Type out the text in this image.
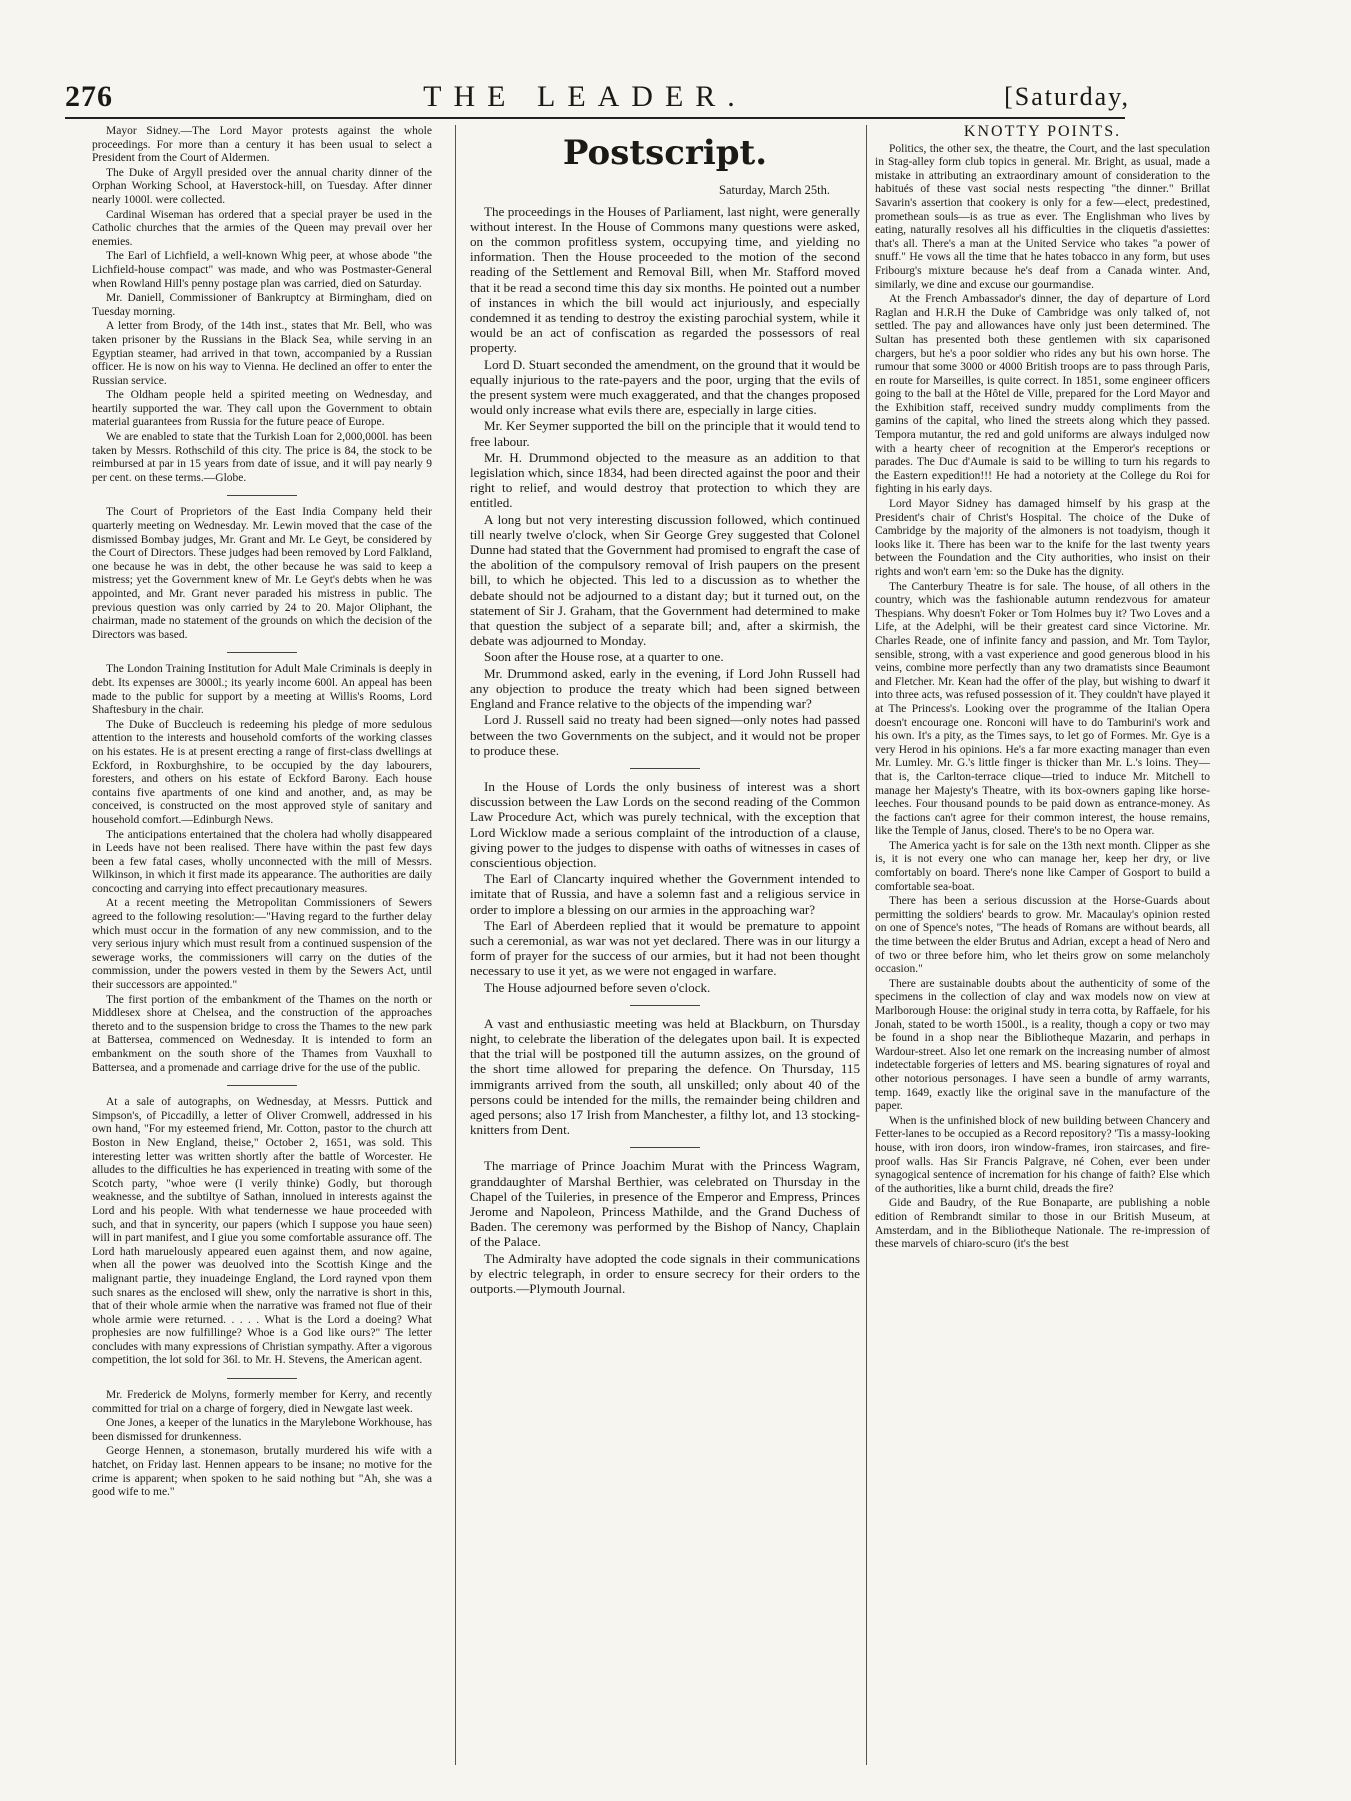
276	THE LEADER.	[Saturday,

Mayor Sidney.—The Lord Mayor protests against the whole proceedings. For more than a century it has been usual to select a President from the Court of Aldermen.

The Duke of Argyll presided over the annual charity dinner of the Orphan Working School, at Haverstock-hill, on Tuesday. After dinner nearly 1000l. were collected.

Cardinal Wiseman has ordered that a special prayer be used in the Catholic churches that the armies of the Queen may prevail over her enemies.

The Earl of Lichfield, a well-known Whig peer, at whose abode "the Lichfield-house compact" was made, and who was Postmaster-General when Rowland Hill's penny postage plan was carried, died on Saturday.

Mr. Daniell, Commissioner of Bankruptcy at Birmingham, died on Tuesday morning.

A letter from Brody, of the 14th inst., states that Mr. Bell, who was taken prisoner by the Russians in the Black Sea, while serving in an Egyptian steamer, had arrived in that town, accompanied by a Russian officer. He is now on his way to Vienna. He declined an offer to enter the Russian service.

The Oldham people held a spirited meeting on Wednesday, and heartily supported the war. They call upon the Government to obtain material guarantees from Russia for the future peace of Europe.

We are enabled to state that the Turkish Loan for 2,000,000l. has been taken by Messrs. Rothschild of this city. The price is 84, the stock to be reimbursed at par in 15 years from date of issue, and it will pay nearly 9 per cent. on these terms.—Globe.

The Court of Proprietors of the East India Company held their quarterly meeting on Wednesday. Mr. Lewin moved that the case of the dismissed Bombay judges, Mr. Grant and Mr. Le Geyt, be considered by the Court of Directors. These judges had been removed by Lord Falkland, one because he was in debt, the other because he was said to keep a mistress; yet the Government knew of Mr. Le Geyt's debts when he was appointed, and Mr. Grant never paraded his mistress in public. The previous question was only carried by 24 to 20. Major Oliphant, the chairman, made no statement of the grounds on which the decision of the Directors was based.

The London Training Institution for Adult Male Criminals is deeply in debt. Its expenses are 3000l.; its yearly income 600l. An appeal has been made to the public for support by a meeting at Willis's Rooms, Lord Shaftesbury in the chair.

The Duke of Buccleuch is redeeming his pledge of more sedulous attention to the interests and household comforts of the working classes on his estates. He is at present erecting a range of first-class dwellings at Eckford, in Roxburghshire, to be occupied by the day labourers, foresters, and others on his estate of Eckford Barony. Each house contains five apartments of one kind and another, and, as may be conceived, is constructed on the most approved style of sanitary and household comfort.—Edinburgh News.

The anticipations entertained that the cholera had wholly disappeared in Leeds have not been realised. There have within the past few days been a few fatal cases, wholly unconnected with the mill of Messrs. Wilkinson, in which it first made its appearance. The authorities are daily concocting and carrying into effect precautionary measures.

At a recent meeting the Metropolitan Commissioners of Sewers agreed to the following resolution:—"Having regard to the further delay which must occur in the formation of any new commission, and to the very serious injury which must result from a continued suspension of the sewerage works, the commissioners will carry on the duties of the commission, under the powers vested in them by the Sewers Act, until their successors are appointed."

The first portion of the embankment of the Thames on the north or Middlesex shore at Chelsea, and the construction of the approaches thereto and to the suspension bridge to cross the Thames to the new park at Battersea, commenced on Wednesday. It is intended to form an embankment on the south shore of the Thames from Vauxhall to Battersea, and a promenade and carriage drive for the use of the public.

At a sale of autographs, on Wednesday, at Messrs. Puttick and Simpson's, of Piccadilly, a letter of Oliver Cromwell, addressed in his own hand, "For my esteemed friend, Mr. Cotton, pastor to the church att Boston in New England, theise," October 2, 1651, was sold. This interesting letter was written shortly after the battle of Worcester. He alludes to the difficulties he has experienced in treating with some of the Scotch party, "whoe were (I verily thinke) Godly, but thorough weaknesse, and the subtiltye of Sathan, innolued in interests against the Lord and his people. With what tendernesse we haue proceeded with such, and that in syncerity, our papers (which I suppose you haue seen) will in part manifest, and I giue you some comfortable assurance off. The Lord hath maruelously appeared euen against them, and now againe, when all the power was deuolved into the Scottish Kinge and the malignant partie, they inuadeinge England, the Lord rayned vpon them such snares as the enclosed will shew, only the narrative is short in this, that of their whole armie when the narrative was framed not flue of their whole armie were returned. . . . . What is the Lord a doeing? What prophesies are now fulfillinge? Whoe is a God like ours?" The letter concludes with many expressions of Christian sympathy. After a vigorous competition, the lot sold for 36l. to Mr. H. Stevens, the American agent.

Mr. Frederick de Molyns, formerly member for Kerry, and recently committed for trial on a charge of forgery, died in Newgate last week.

One Jones, a keeper of the lunatics in the Marylebone Workhouse, has been dismissed for drunkenness.

George Hennen, a stonemason, brutally murdered his wife with a hatchet, on Friday last. Hennen appears to be insane; no motive for the crime is apparent; when spoken to he said nothing but "Ah, she was a good wife to me."

Postscript.
Saturday, March 25th.

The proceedings in the Houses of Parliament, last night, were generally without interest. In the House of Commons many questions were asked, on the common profitless system, occupying time, and yielding no information. Then the House proceeded to the motion of the second reading of the Settlement and Removal Bill, when Mr. Stafford moved that it be read a second time this day six months. He pointed out a number of instances in which the bill would act injuriously, and especially condemned it as tending to destroy the existing parochial system, while it would be an act of confiscation as regarded the possessors of real property.

Lord D. Stuart seconded the amendment, on the ground that it would be equally injurious to the rate-payers and the poor, urging that the evils of the present system were much exaggerated, and that the changes proposed would only increase what evils there are, especially in large cities.

Mr. Ker Seymer supported the bill on the principle that it would tend to free labour.

Mr. H. Drummond objected to the measure as an addition to that legislation which, since 1834, had been directed against the poor and their right to relief, and would destroy that protection to which they are entitled.

A long but not very interesting discussion followed, which continued till nearly twelve o'clock, when Sir George Grey suggested that Colonel Dunne had stated that the Government had promised to engraft the case of the abolition of the compulsory removal of Irish paupers on the present bill, to which he objected. This led to a discussion as to whether the debate should not be adjourned to a distant day; but it turned out, on the statement of Sir J. Graham, that the Government had determined to make that question the subject of a separate bill; and, after a skirmish, the debate was adjourned to Monday.

Soon after the House rose, at a quarter to one.

Mr. Drummond asked, early in the evening, if Lord John Russell had any objection to produce the treaty which had been signed between England and France relative to the objects of the impending war?

Lord J. Russell said no treaty had been signed—only notes had passed between the two Governments on the subject, and it would not be proper to produce these.

In the House of Lords the only business of interest was a short discussion between the Law Lords on the second reading of the Common Law Procedure Act, which was purely technical, with the exception that Lord Wicklow made a serious complaint of the introduction of a clause, giving power to the judges to dispense with oaths of witnesses in cases of conscientious objection.

The Earl of Clancarty inquired whether the Government intended to imitate that of Russia, and have a solemn fast and a religious service in order to implore a blessing on our armies in the approaching war?

The Earl of Aberdeen replied that it would be premature to appoint such a ceremonial, as war was not yet declared. There was in our liturgy a form of prayer for the success of our armies, but it had not been thought necessary to use it yet, as we were not engaged in warfare.

The House adjourned before seven o'clock.

A vast and enthusiastic meeting was held at Blackburn, on Thursday night, to celebrate the liberation of the delegates upon bail. It is expected that the trial will be postponed till the autumn assizes, on the ground of the short time allowed for preparing the defence. On Thursday, 115 immigrants arrived from the south, all unskilled; only about 40 of the persons could be intended for the mills, the remainder being children and aged persons; also 17 Irish from Manchester, a filthy lot, and 13 stocking-knitters from Dent.

The marriage of Prince Joachim Murat with the Princess Wagram, granddaughter of Marshal Berthier, was celebrated on Thursday in the Chapel of the Tuileries, in presence of the Emperor and Empress, Princes Jerome and Napoleon, Princess Mathilde, and the Grand Duchess of Baden. The ceremony was performed by the Bishop of Nancy, Chaplain of the Palace.

The Admiralty have adopted the code signals in their communications by electric telegraph, in order to ensure secrecy for their orders to the outports.—Plymouth Journal.

KNOTTY POINTS.

Politics, the other sex, the theatre, the Court, and the last speculation in Stag-alley form club topics in general. Mr. Bright, as usual, made a mistake in attributing an extraordinary amount of consideration to the habitués of these vast social nests respecting "the dinner." Brillat Savarin's assertion that cookery is only for a few—elect, predestined, promethean souls—is as true as ever. The Englishman who lives by eating, naturally resolves all his difficulties in the cliquetis d'assiettes: that's all. There's a man at the United Service who takes "a power of snuff." He vows all the time that he hates tobacco in any form, but uses Fribourg's mixture because he's deaf from a Canada winter. And, similarly, we dine and excuse our gourmandise.

At the French Ambassador's dinner, the day of departure of Lord Raglan and H.R.H the Duke of Cambridge was only talked of, not settled. The pay and allowances have only just been determined. The Sultan has presented both these gentlemen with six caparisoned chargers, but he's a poor soldier who rides any but his own horse. The rumour that some 3000 or 4000 British troops are to pass through Paris, en route for Marseilles, is quite correct. In 1851, some engineer officers going to the ball at the Hôtel de Ville, prepared for the Lord Mayor and the Exhibition staff, received sundry muddy compliments from the gamins of the capital, who lined the streets along which they passed. Tempora mutantur, the red and gold uniforms are always indulged now with a hearty cheer of recognition at the Emperor's receptions or parades. The Duc d'Aumale is said to be willing to turn his regards to the Eastern expedition!!! He had a notoriety at the College du Roi for fighting in his early days.

Lord Mayor Sidney has damaged himself by his grasp at the President's chair of Christ's Hospital. The choice of the Duke of Cambridge by the majority of the almoners is not toadyism, though it looks like it. There has been war to the knife for the last twenty years between the Foundation and the City authorities, who insist on their rights and won't earn 'em: so the Duke has the dignity.

The Canterbury Theatre is for sale. The house, of all others in the country, which was the fashionable autumn rendezvous for amateur Thespians. Why doesn't Foker or Tom Holmes buy it? Two Loves and a Life, at the Adelphi, will be their greatest card since Victorine. Mr. Charles Reade, one of infinite fancy and passion, and Mr. Tom Taylor, sensible, strong, with a vast experience and good generous blood in his veins, combine more perfectly than any two dramatists since Beaumont and Fletcher. Mr. Kean had the offer of the play, but wishing to dwarf it into three acts, was refused possession of it. They couldn't have played it at The Princess's. Looking over the programme of the Italian Opera doesn't encourage one. Ronconi will have to do Tamburini's work and his own. It's a pity, as the Times says, to let go of Formes. Mr. Gye is a very Herod in his opinions. He's a far more exacting manager than even Mr. Lumley. Mr. G.'s little finger is thicker than Mr. L.'s loins. They—that is, the Carlton-terrace clique—tried to induce Mr. Mitchell to manage her Majesty's Theatre, with its box-owners gaping like horse-leeches. Four thousand pounds to be paid down as entrance-money. As the factions can't agree for their common interest, the house remains, like the Temple of Janus, closed. There's to be no Opera war.

The America yacht is for sale on the 13th next month. Clipper as she is, it is not every one who can manage her, keep her dry, or live comfortably on board. There's none like Camper of Gosport to build a comfortable sea-boat.

There has been a serious discussion at the Horse-Guards about permitting the soldiers' beards to grow. Mr. Macaulay's opinion rested on one of Spence's notes, "The heads of Romans are without beards, all the time between the elder Brutus and Adrian, except a head of Nero and of two or three before him, who let theirs grow on some melancholy occasion."

There are sustainable doubts about the authenticity of some of the specimens in the collection of clay and wax models now on view at Marlborough House: the original study in terra cotta, by Raffaele, for his Jonah, stated to be worth 1500l., is a reality, though a copy or two may be found in a shop near the Bibliotheque Mazarin, and perhaps in Wardour-street. Also let one remark on the increasing number of almost indetectable forgeries of letters and MS. bearing signatures of royal and other notorious personages. I have seen a bundle of army warrants, temp. 1649, exactly like the original save in the manufacture of the paper.

When is the unfinished block of new building between Chancery and Fetter-lanes to be occupied as a Record repository? 'Tis a massy-looking house, with iron doors, iron window-frames, iron staircases, and fire-proof walls. Has Sir Francis Palgrave, né Cohen, ever been under synagogical sentence of incremation for his change of faith? Else which of the authorities, like a burnt child, dreads the fire?

Gide and Baudry, of the Rue Bonaparte, are publishing a noble edition of Rembrandt similar to those in our British Museum, at Amsterdam, and in the Bibliotheque Nationale. The re-impression of these marvels of chiaro-scuro (it's the best
